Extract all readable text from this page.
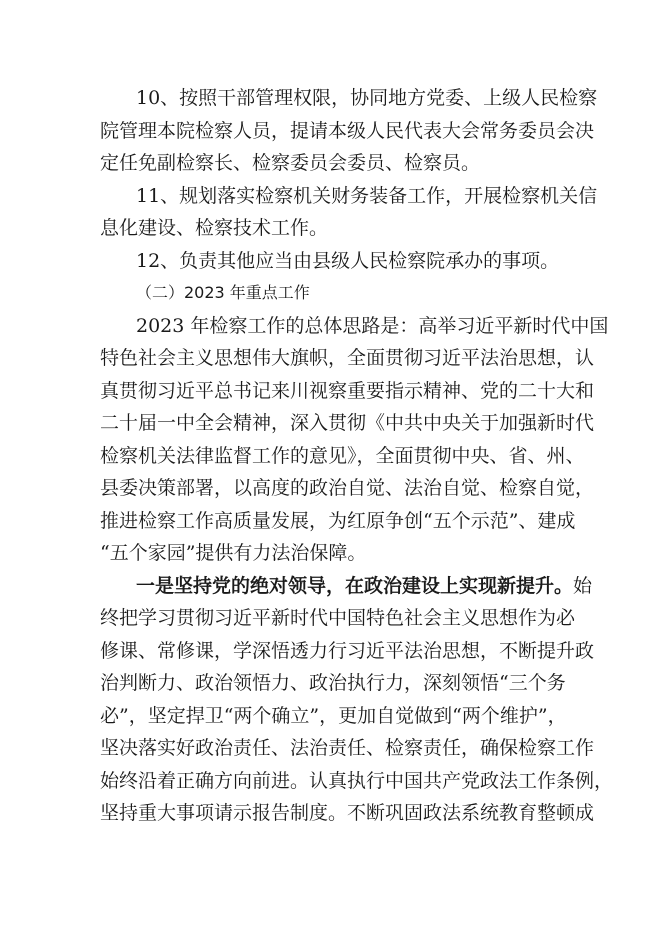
10、按照干部管理权限，协同地方党委、上级人民检察
院管理本院检察人员，提请本级人民代表大会常务委员会决
定任免副检察长、检察委员会委员、检察员。
11、规划落实检察机关财务装备工作，开展检察机关信
息化建设、检察技术工作。
12、负责其他应当由县级人民检察院承办的事项。
（二）2023 年重点工作
2023 年检察工作的总体思路是：高举习近平新时代中国
特色社会主义思想伟大旗帜，全面贯彻习近平法治思想，认
真贯彻习近平总书记来川视察重要指示精神、党的二十大和
二十届一中全会精神，深入贯彻《中共中央关于加强新时代
检察机关法律监督工作的意见》，全面贯彻中央、省、州、
县委决策部署，以高度的政治自觉、法治自觉、检察自觉，
推进检察工作高质量发展，为红原争创“五个示范”、建成
“五个家园”提供有力法治保障。
一是坚持党的绝对领导，在政治建设上实现新提升。始
终把学习贯彻习近平新时代中国特色社会主义思想作为必
修课、常修课，学深悟透力行习近平法治思想，不断提升政
治判断力、政治领悟力、政治执行力，深刻领悟“三个务
必”，坚定捍卫“两个确立”，更加自觉做到“两个维护”，
坚决落实好政治责任、法治责任、检察责任，确保检察工作
始终沿着正确方向前进。认真执行中国共产党政法工作条例，
坚持重大事项请示报告制度。不断巩固政法系统教育整顿成
